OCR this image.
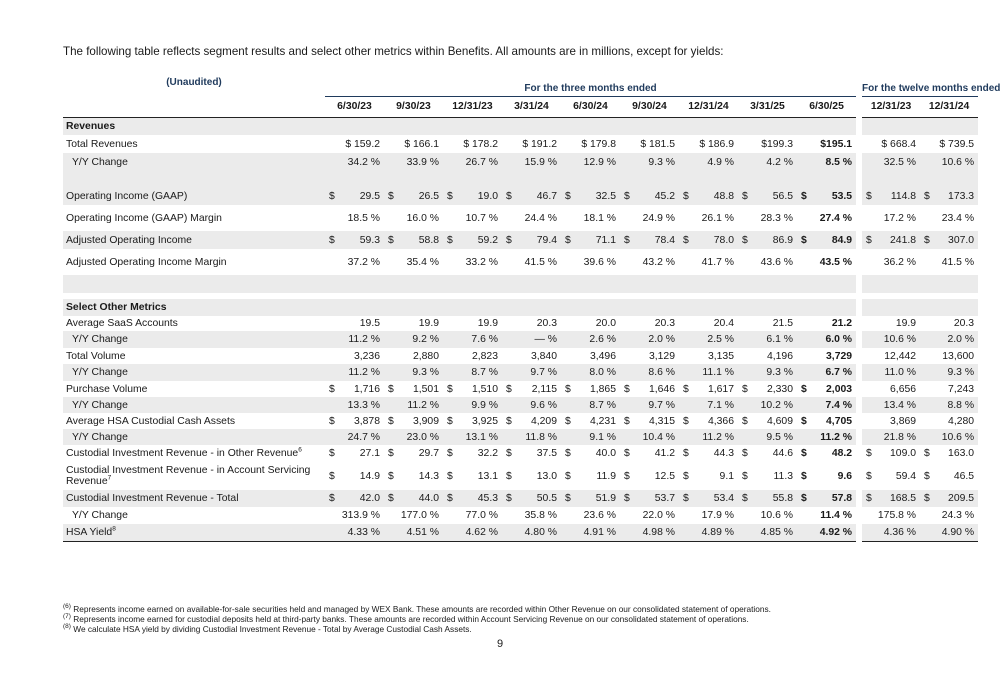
The following table reflects segment results and select other metrics within Benefits. All amounts are in millions, except for yields:
(Unaudited)	For the three months ended										For the twelve months ended	
	6/30/23	9/30/23	12/31/23	3/31/24	6/30/24	9/30/24	12/31/24	3/31/25	6/30/25		12/31/23	12/31/24
Revenues												
Total Revenues	$ 159.2	$ 166.1	$ 178.2	$ 191.2	$ 179.8	$ 181.5	$ 186.9	$199.3	$195.1		$ 668.4	$ 739.5
Y/Y Change	34.2 %	33.9 %	26.7 %	15.9 %	12.9 %	9.3 %	4.9 %	4.2 %	8.5 %		32.5 %	10.6 %

Operating Income (GAAP)	$ 29.5	$ 26.5	$ 19.0	$ 46.7	$ 32.5	$ 45.2	$ 48.8	$ 56.5	$ 53.5		$ 114.8	$ 173.3
Operating Income (GAAP) Margin	18.5 %	16.0 %	10.7 %	24.4 %	18.1 %	24.9 %	26.1 %	28.3 %	27.4 %		17.2 %	23.4 %
Adjusted Operating Income	$ 59.3	$ 58.8	$ 59.2	$ 79.4	$ 71.1	$ 78.4	$ 78.0	$ 86.9	$ 84.9		$ 241.8	$ 307.0
Adjusted Operating Income Margin	37.2 %	35.4 %	33.2 %	41.5 %	39.6 %	43.2 %	41.7 %	43.6 %	43.5 %		36.2 %	41.5 %

Select Other Metrics												
Average SaaS Accounts	19.5	19.9	19.9	20.3	20.0	20.3	20.4	21.5	21.2		19.9	20.3
Y/Y Change	11.2 %	9.2 %	7.6 %	— %	2.6 %	2.0 %	2.5 %	6.1 %	6.0 %		10.6 %	2.0 %
Total Volume	3,236	2,880	2,823	3,840	3,496	3,129	3,135	4,196	3,729		12,442	13,600
Y/Y Change	11.2 %	9.3 %	8.7 %	9.7 %	8.0 %	8.6 %	11.1 %	9.3 %	6.7 %		11.0 %	9.3 %
Purchase Volume	$ 1,716	$ 1,501	$ 1,510	$ 2,115	$ 1,865	$ 1,646	$ 1,617	$ 2,330	$ 2,003		6,656	7,243
Y/Y Change	13.3 %	11.2 %	9.9 %	9.6 %	8.7 %	9.7 %	7.1 %	10.2 %	7.4 %		13.4 %	8.8 %
Average HSA Custodial Cash Assets	$ 3,878	$ 3,909	$ 3,925	$ 4,209	$ 4,231	$ 4,315	$ 4,366	$ 4,609	$ 4,705		3,869	4,280
Y/Y Change	24.7 %	23.0 %	13.1 %	11.8 %	9.1 %	10.4 %	11.2 %	9.5 %	11.2 %		21.8 %	10.6 %
Custodial Investment Revenue - in Other Revenue$^6$	$ 27.1	$ 29.7	$ 32.2	$ 37.5	$ 40.0	$ 41.2	$ 44.3	$ 44.6	$ 48.2		$ 109.0	$ 163.0
Custodial Investment Revenue - in Account Servicing Revenue$^7$	$ 14.9	$ 14.3	$ 13.1	$ 13.0	$ 11.9	$ 12.5	$ 9.1	$ 11.3	$ 9.6		$ 59.4	$ 46.5
Custodial Investment Revenue - Total	$ 42.0	$ 44.0	$ 45.3	$ 50.5	$ 51.9	$ 53.7	$ 53.4	$ 55.8	$ 57.8		$ 168.5	$ 209.5
Y/Y Change	313.9 %	177.0 %	77.0 %	35.8 %	23.6 %	22.0 %	17.9 %	10.6 %	11.4 %		175.8 %	24.3 %
HSA Yield$^8$	4.33 %	4.51 %	4.62 %	4.80 %	4.91 %	4.98 %	4.89 %	4.85 %	4.92 %		4.36 %	4.90 %
$^{(6)}$ Represents income earned on available-for-sale securities held and managed by WEX Bank. These amounts are recorded within Other Revenue on our consolidated statement of operations.
$^{(7)}$ Represents income earned for custodial deposits held at third-party banks. These amounts are recorded within Account Servicing Revenue on our consolidated statement of operations.
$^{(8)}$ We calculate HSA yield by dividing Custodial Investment Revenue - Total by Average Custodial Cash Assets.
9
